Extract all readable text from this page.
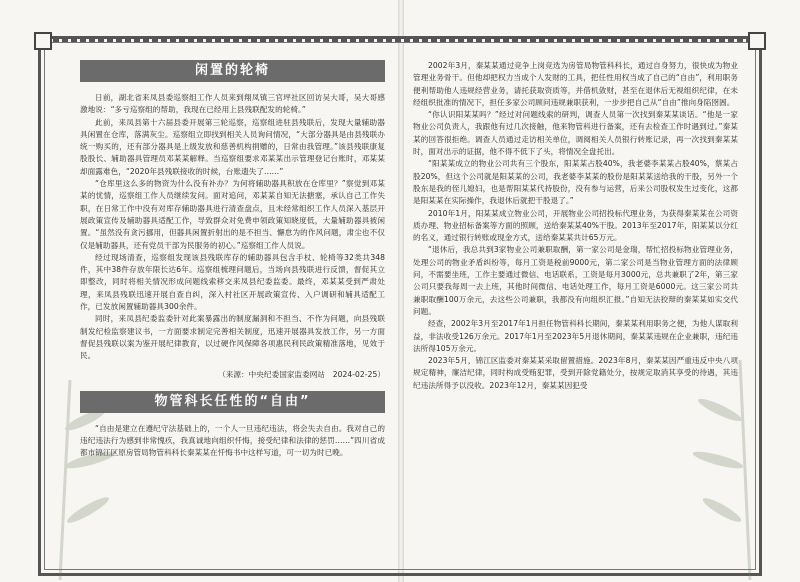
闲置的轮椅

日前，湖北省来凤县委巡察组工作人员来到翔凤镇三官坪社区回访吴大哥，吴大哥感激地说：“多亏巡察组的帮助，我现在已经用上县残联配发的轮椅。”

此前，来凤县第十六届县委开展第三轮巡察，巡察组进驻县残联后，发现大量辅助器具闲置在仓库，落满灰尘。巡察组立即找到相关人员询问情况，“大部分器具是由县残联办统一购买的，还有部分器具是上级发放和慈善机构捐赠的，日常由我管理。”该县残联康复股股长、辅助器具管理员邓某某解释。当巡察组要求邓某某出示管理登记台账时，邓某某却面露难色，“2020年县残联接收的时候，台账遗失了……”

“仓库里这么多的物资为什么没有补办？为何将辅助器具积放在仓库里？”察觉到邓某某的忧情，巡察组工作人员继续发问。面对追问，邓某某自知无法搪塞，承认自己工作失职，在日常工作中没有对库存辅助器具进行清查盘点，且未经常组织工作人员深入基层开展政策宣传及辅助器具适配工作，导致群众对免费申领政策知晓度低，大量辅助器具被闲置。“虽然没有贪污挪用，但器具闲置折射出的是不担当、懈怠为的作风问题，肃尘也不仅仅是辅助器具，还有党员干部为民服务的初心。”巡察组工作人员说。

经过现场清查，巡察组发现该县残联库存的辅助器具包含手杖、轮椅等32类共348件，其中38件存放年限长达6年。巡察组梳理问题后，当场向县残联进行反馈，督促其立即整改，同时将相关情况形成问题线索移交来凤县纪委监委。最终，邓某某受到严肃处理，来凤县残联迅速开展自查自纠，深入村社区开展政策宣传、入户调研和辅具适配工作，已发放闲置辅助器具300余件。

同时，来凤县纪委监委针对此案暴露出的制度漏洞和不担当、不作为问题，向县残联制发纪检监察建议书，一方面要求制定完善相关制度，迅速开展器具发放工作，另一方面督促县残联以案为鉴开展纪律教育，以过硬作风保障各项惠民利民政策精准落地，见效于民。

（来源：中央纪委国家监委网站　2024-02-25）
物管科长任性的“自由”

“自由是建立在遵纪守法基础上的，一个人一旦违纪违法，将会失去自由。我对自己的违纪违法行为感到非常愧疚，我真诚地向组织忏悔，接受纪律和法律的惩罚……”四川省成都市锦江区原房管局物管科科长秦某某在忏悔书中这样写道，可一切为时已晚。

2002年3月，秦某某通过竞争上岗竞选为房管局物管科科长，通过自身努力，很快成为物业管理业务骨干。但他却把权力当成个人发财的工具，把任性用权当成了自己的“自由”，利用职务便利帮助他人违规经营业务，请托获取资质等，并借机敛财，甚至在退休后无视组织纪律，在未经组织批准的情况下，担任多家公司顾问违规兼职获利，一步步把自己从“自由”推向身陷囹圄。

“你认识阳某某吗？”经过对问题线索的研判，调查人员第一次找到秦某某谈话。“他是一家物业公司负责人，我跟他有过几次接触，他来物管科进行备案，还有去检查工作时遇到过。”秦某某的回答很拒绝。调查人员通过走访相关单位，调阅相关人员银行转账记录，再一次找到秦某某时，面对出示的证据，他不得不低下了头，将情况全盘托出。

“阳某某成立的物业公司共有三个股东，阳某某占股40%，我老婆李某某占股40%，蔡某占股20%，但这个公司就是阳某某的公司，我老婆李某某的股份是阳某某送给我的干股，另外一个股东是我的侄儿媳妇，也是帮阳某某代持股份，没有参与运营，后来公司股权发生过变化，这都是阳某某在实际操作，我退休后就把干股退了。”

2010年1月，阳某某成立物业公司，开展物业公司招投标代理业务，为获得秦某某在公司资质办理、物业招标备案等方面的照顾，送给秦某某40%干股。2013年至2017年，阳某某以分红的名义，通过银行转账或现金方式，送给秦某某共计65万元。

“退休后，我总共到3家物业公司兼职取酬，第一家公司是金瑞，帮忙招投标物业管理业务，处理公司的物业矛盾纠纷等，每月工资是税前9000元，第二家公司是当物业管理方面的法律顾问，不需要坐班，工作主要通过微信、电话联系，工资是每月3000元，总共兼职了2年，第三家公司只要我每周一去上班，其他时间微信、电话处理工作，每月工资是6000元。这三家公司共兼职取酬100万余元，去这些公司兼职，我都没有向组织汇报。”自知无法狡辩的秦某某如实交代问题。

经查，2002年3月至2017年1月担任物管科科长期间，秦某某利用职务之便，为他人谋取利益，非法收受126万余元。2017年1月至2023年5月退休期间，秦某某违规在企业兼职，违纪违法所得105万余元。

2023年5月，锦江区监委对秦某某采取留置措施。2023年8月，秦某某因严重违反中央八项规定精神，廉洁纪律，同时构成受贿犯罪，受到开除党籍处分，按规定取消其享受的待遇，其违纪违法所得予以没收。2023年12月，秦某某因犯受
